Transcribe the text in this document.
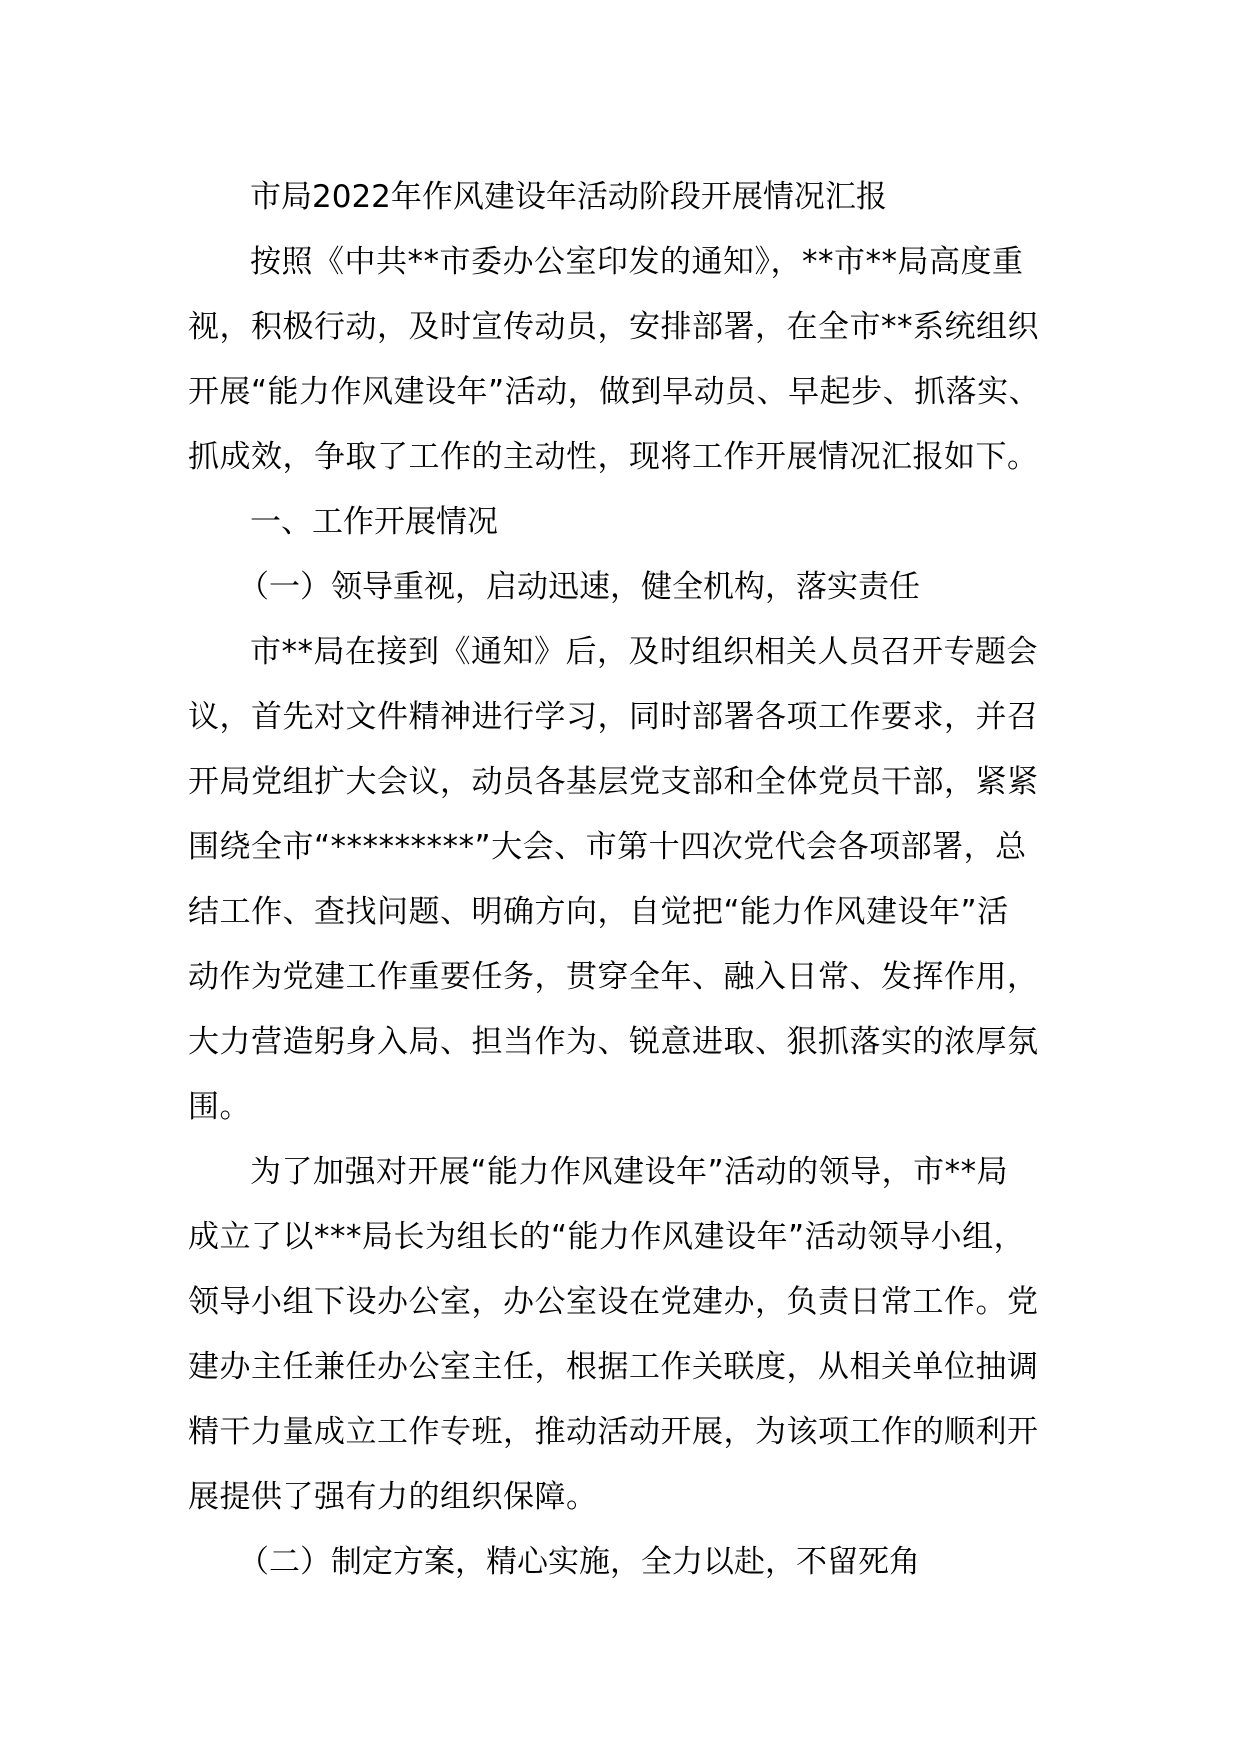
市局2022年作风建设年活动阶段开展情况汇报
按照《中共**市委办公室印发的通知》，**市**局高度重
视，积极行动，及时宣传动员，安排部署，在全市**系统组织
开展“能力作风建设年”活动，做到早动员、早起步、抓落实、
抓成效，争取了工作的主动性，现将工作开展情况汇报如下。
一、工作开展情况
（一）领导重视，启动迅速，健全机构，落实责任
市**局在接到《通知》后，及时组织相关人员召开专题会
议，首先对文件精神进行学习，同时部署各项工作要求，并召
开局党组扩大会议，动员各基层党支部和全体党员干部，紧紧
围绕全市“*********”大会、市第十四次党代会各项部署，总
结工作、查找问题、明确方向，自觉把“能力作风建设年”活
动作为党建工作重要任务，贯穿全年、融入日常、发挥作用，
大力营造躬身入局、担当作为、锐意进取、狠抓落实的浓厚氛
围。
为了加强对开展“能力作风建设年”活动的领导，市**局
成立了以***局长为组长的“能力作风建设年”活动领导小组，
领导小组下设办公室，办公室设在党建办，负责日常工作。党
建办主任兼任办公室主任，根据工作关联度，从相关单位抽调
精干力量成立工作专班，推动活动开展，为该项工作的顺利开
展提供了强有力的组织保障。
（二）制定方案，精心实施，全力以赴，不留死角
